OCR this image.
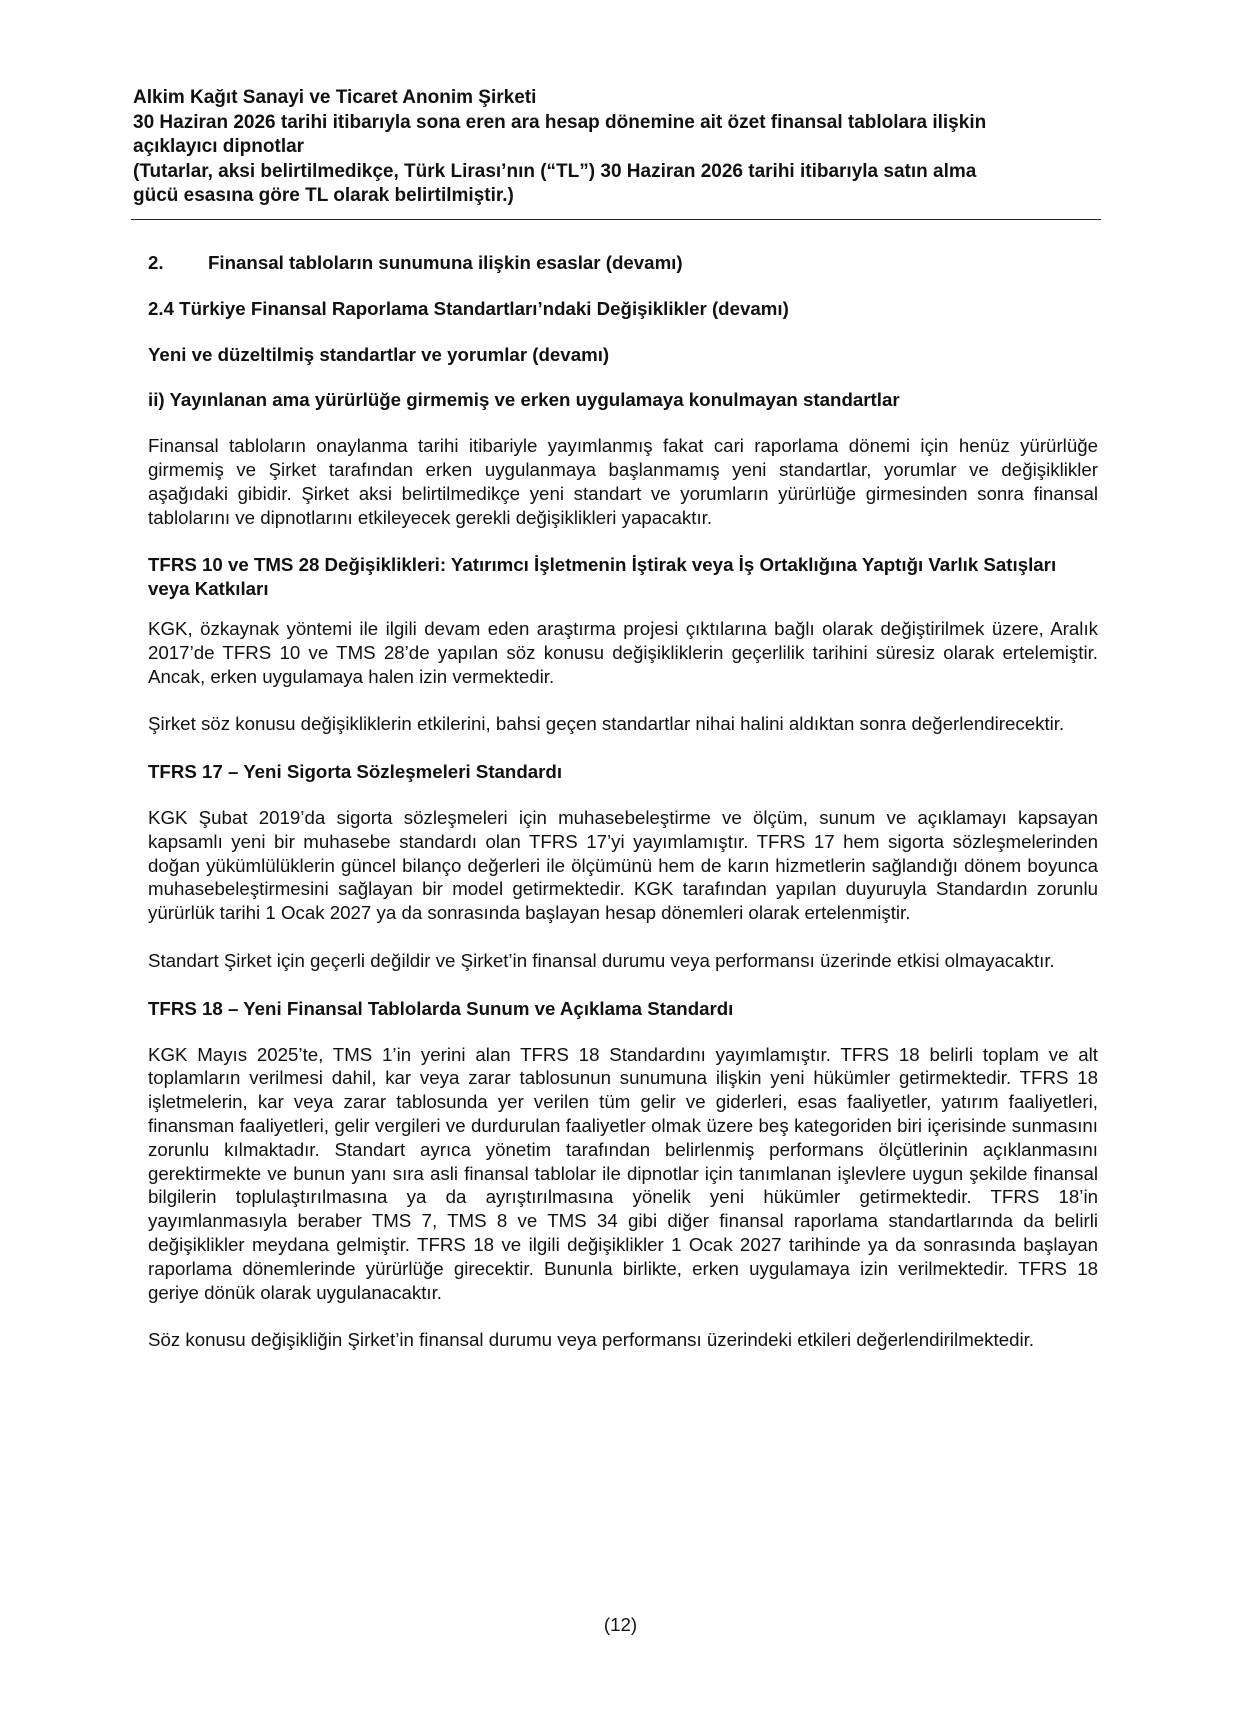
Alkim Kağıt Sanayi ve Ticaret Anonim Şirketi
30 Haziran 2026 tarihi itibarıyla sona eren ara hesap dönemine ait özet finansal tablolara ilişkin
açıklayıcı dipnotlar
(Tutarlar, aksi belirtilmedikçe, Türk Lirası’nın (“TL”) 30 Haziran 2026 tarihi itibarıyla satın alma
gücü esasına göre TL olarak belirtilmiştir.)
2.	Finansal tabloların sunumuna ilişkin esaslar (devamı)
2.4 Türkiye Finansal Raporlama Standartları’ndaki Değişiklikler (devamı)
Yeni ve düzeltilmiş standartlar ve yorumlar (devamı)
ii) Yayınlanan ama yürürlüğe girmemiş ve erken uygulamaya konulmayan standartlar

Finansal tabloların onaylanma tarihi itibariyle yayımlanmış fakat cari raporlama dönemi için henüz yürürlüğe girmemiş ve Şirket tarafından erken uygulanmaya başlanmamış yeni standartlar, yorumlar ve değişiklikler aşağıdaki gibidir. Şirket aksi belirtilmedikçe yeni standart ve yorumların yürürlüğe girmesinden sonra finansal tablolarını ve dipnotlarını etkileyecek gerekli değişiklikleri yapacaktır.

TFRS 10 ve TMS 28 Değişiklikleri: Yatırımcı İşletmenin İştirak veya İş Ortaklığına Yaptığı Varlık Satışları veya Katkıları

KGK, özkaynak yöntemi ile ilgili devam eden araştırma projesi çıktılarına bağlı olarak değiştirilmek üzere, Aralık 2017’de TFRS 10 ve TMS 28’de yapılan söz konusu değişikliklerin geçerlilik tarihini süresiz olarak ertelemiştir. Ancak, erken uygulamaya halen izin vermektedir.

Şirket söz konusu değişikliklerin etkilerini, bahsi geçen standartlar nihai halini aldıktan sonra değerlendirecektir.

TFRS 17 – Yeni Sigorta Sözleşmeleri Standardı

KGK Şubat 2019’da sigorta sözleşmeleri için muhasebeleştirme ve ölçüm, sunum ve açıklamayı kapsayan kapsamlı yeni bir muhasebe standardı olan TFRS 17’yi yayımlamıştır. TFRS 17 hem sigorta sözleşmelerinden doğan yükümlülüklerin güncel bilanço değerleri ile ölçümünü hem de karın hizmetlerin sağlandığı dönem boyunca muhasebeleştirmesini sağlayan bir model getirmektedir. KGK tarafından yapılan duyuruyla Standardın zorunlu yürürlük tarihi 1 Ocak 2027 ya da sonrasında başlayan hesap dönemleri olarak ertelenmiştir.

Standart Şirket için geçerli değildir ve Şirket’in finansal durumu veya performansı üzerinde etkisi olmayacaktır.

TFRS 18 – Yeni Finansal Tablolarda Sunum ve Açıklama Standardı

KGK Mayıs 2025’te, TMS 1’in yerini alan TFRS 18 Standardını yayımlamıştır. TFRS 18 belirli toplam ve alt toplamların verilmesi dahil, kar veya zarar tablosunun sunumuna ilişkin yeni hükümler getirmektedir. TFRS 18 işletmelerin, kar veya zarar tablosunda yer verilen tüm gelir ve giderleri, esas faaliyetler, yatırım faaliyetleri, finansman faaliyetleri, gelir vergileri ve durdurulan faaliyetler olmak üzere beş kategoriden biri içerisinde sunmasını zorunlu kılmaktadır. Standart ayrıca yönetim tarafından belirlenmiş performans ölçütlerinin açıklanmasını gerektirmekte ve bunun yanı sıra asli finansal tablolar ile dipnotlar için tanımlanan işlevlere uygun şekilde finansal bilgilerin toplulaştırılmasına ya da ayrıştırılmasına yönelik yeni hükümler getirmektedir. TFRS 18’in yayımlanmasıyla beraber TMS 7, TMS 8 ve TMS 34 gibi diğer finansal raporlama standartlarında da belirli değişiklikler meydana gelmiştir. TFRS 18 ve ilgili değişiklikler 1 Ocak 2027 tarihinde ya da sonrasında başlayan raporlama dönemlerinde yürürlüğe girecektir. Bununla birlikte, erken uygulamaya izin verilmektedir. TFRS 18 geriye dönük olarak uygulanacaktır.

Söz konusu değişikliğin Şirket’in finansal durumu veya performansı üzerindeki etkileri değerlendirilmektedir.

(12)
